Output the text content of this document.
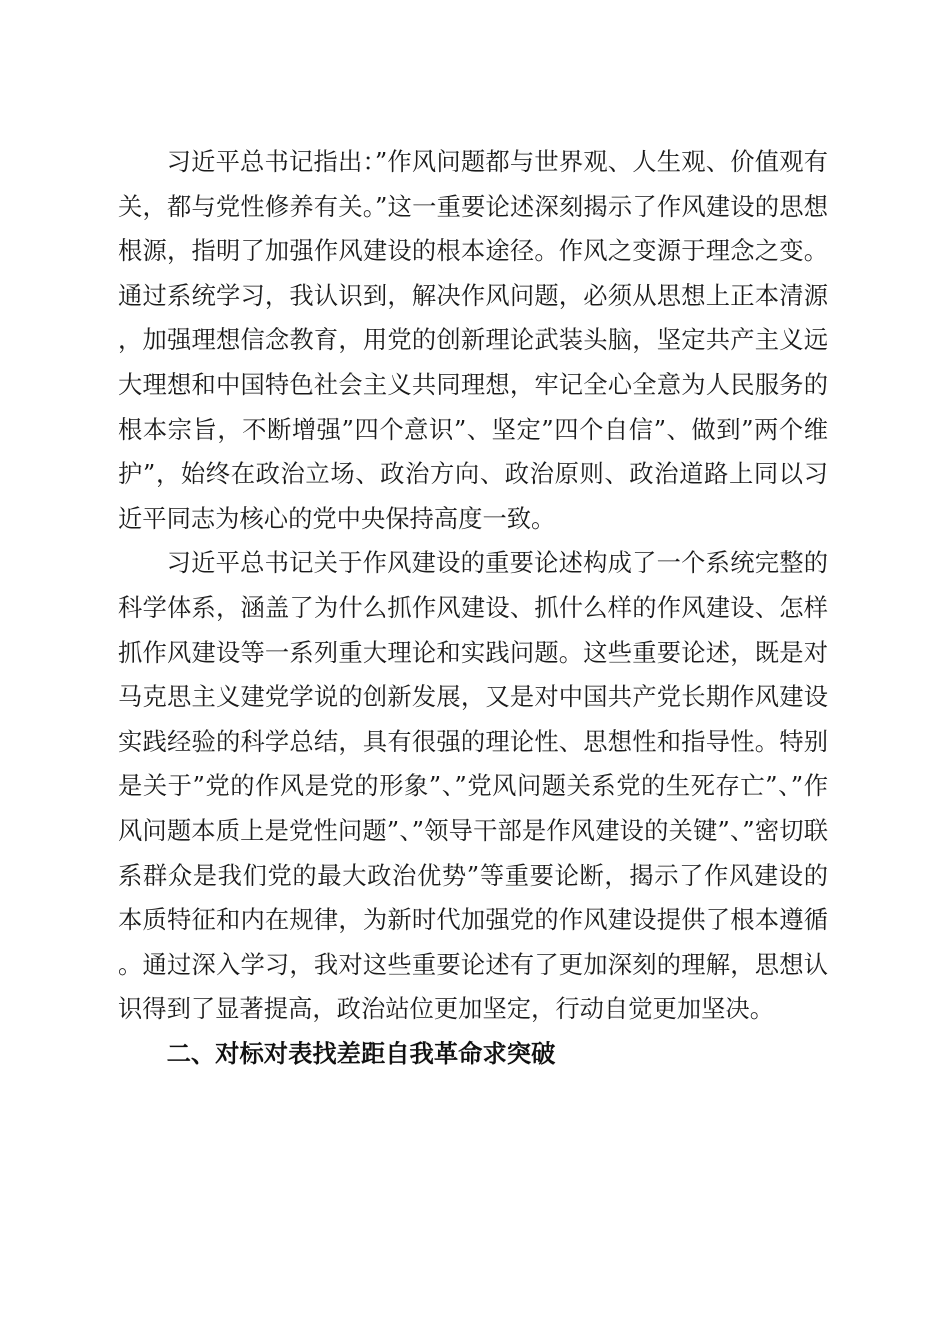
习近平总书记指出：”作风问题都与世界观、人生观、价值观有关，都与党性修养有关。”这一重要论述深刻揭示了作风建设的思想根源，指明了加强作风建设的根本途径。作风之变源于理念之变。通过系统学习，我认识到，解决作风问题，必须从思想上正本清源，加强理想信念教育，用党的创新理论武装头脑，坚定共产主义远大理想和中国特色社会主义共同理想，牢记全心全意为人民服务的根本宗旨，不断增强”四个意识”、坚定”四个自信”、做到”两个维护”，始终在政治立场、政治方向、政治原则、政治道路上同以习近平同志为核心的党中央保持高度一致。

习近平总书记关于作风建设的重要论述构成了一个系统完整的科学体系，涵盖了为什么抓作风建设、抓什么样的作风建设、怎样抓作风建设等一系列重大理论和实践问题。这些重要论述，既是对马克思主义建党学说的创新发展，又是对中国共产党长期作风建设实践经验的科学总结，具有很强的理论性、思想性和指导性。特别是关于”党的作风是党的形象”、”党风问题关系党的生死存亡”、”作风问题本质上是党性问题”、”领导干部是作风建设的关键”、”密切联系群众是我们党的最大政治优势”等重要论断，揭示了作风建设的本质特征和内在规律，为新时代加强党的作风建设提供了根本遵循。通过深入学习，我对这些重要论述有了更加深刻的理解，思想认识得到了显著提高，政治站位更加坚定，行动自觉更加坚决。

二、对标对表找差距自我革命求突破
